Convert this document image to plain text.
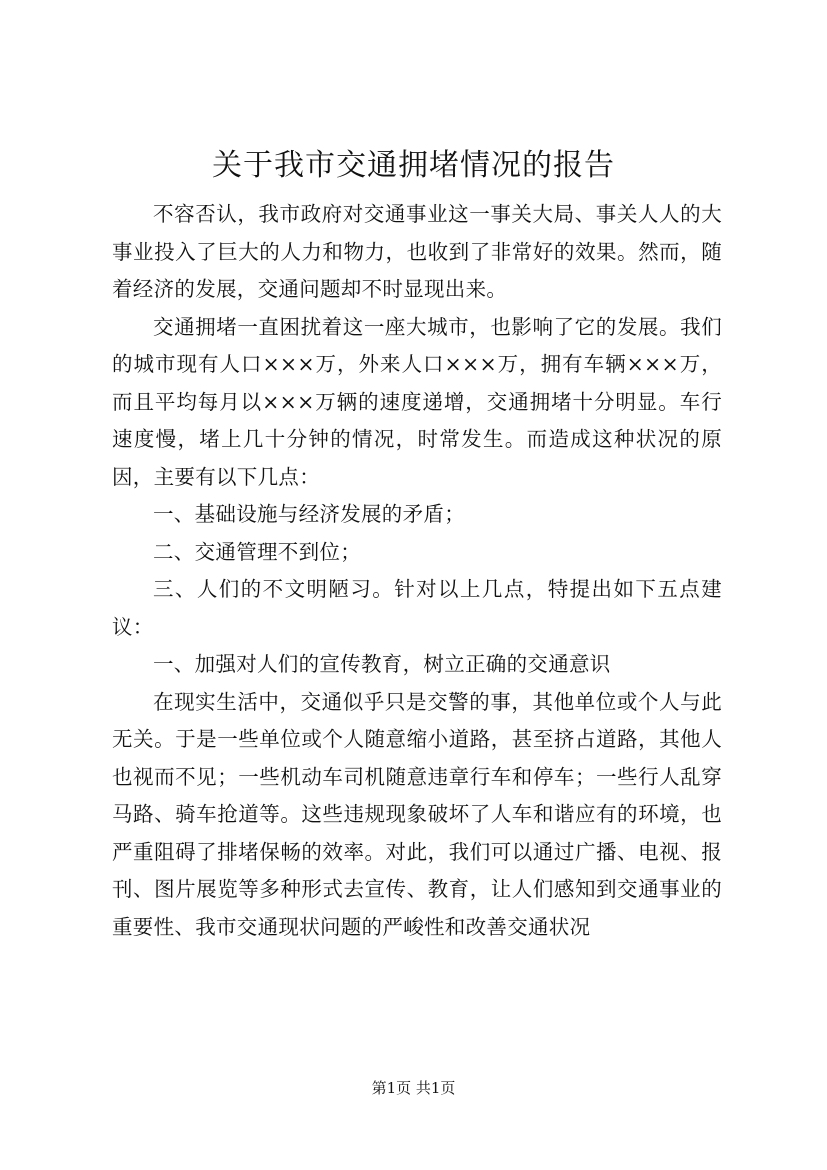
关于我市交通拥堵情况的报告

不容否认，我市政府对交通事业这一事关大局、事关人人的大事业投入了巨大的人力和物力，也收到了非常好的效果。然而，随着经济的发展，交通问题却不时显现出来。

交通拥堵一直困扰着这一座大城市，也影响了它的发展。我们的城市现有人口×××万，外来人口×××万，拥有车辆×××万，而且平均每月以×××万辆的速度递增，交通拥堵十分明显。车行速度慢，堵上几十分钟的情况，时常发生。而造成这种状况的原因，主要有以下几点：

一、基础设施与经济发展的矛盾；

二、交通管理不到位；

三、人们的不文明陋习。针对以上几点，特提出如下五点建议：

一、加强对人们的宣传教育，树立正确的交通意识

在现实生活中，交通似乎只是交警的事，其他单位或个人与此无关。于是一些单位或个人随意缩小道路，甚至挤占道路，其他人也视而不见；一些机动车司机随意违章行车和停车；一些行人乱穿马路、骑车抢道等。这些违规现象破坏了人车和谐应有的环境，也严重阻碍了排堵保畅的效率。对此，我们可以通过广播、电视、报刊、图片展览等多种形式去宣传、教育，让人们感知到交通事业的重要性、我市交通现状问题的严峻性和改善交通状况

第1页 共1页
